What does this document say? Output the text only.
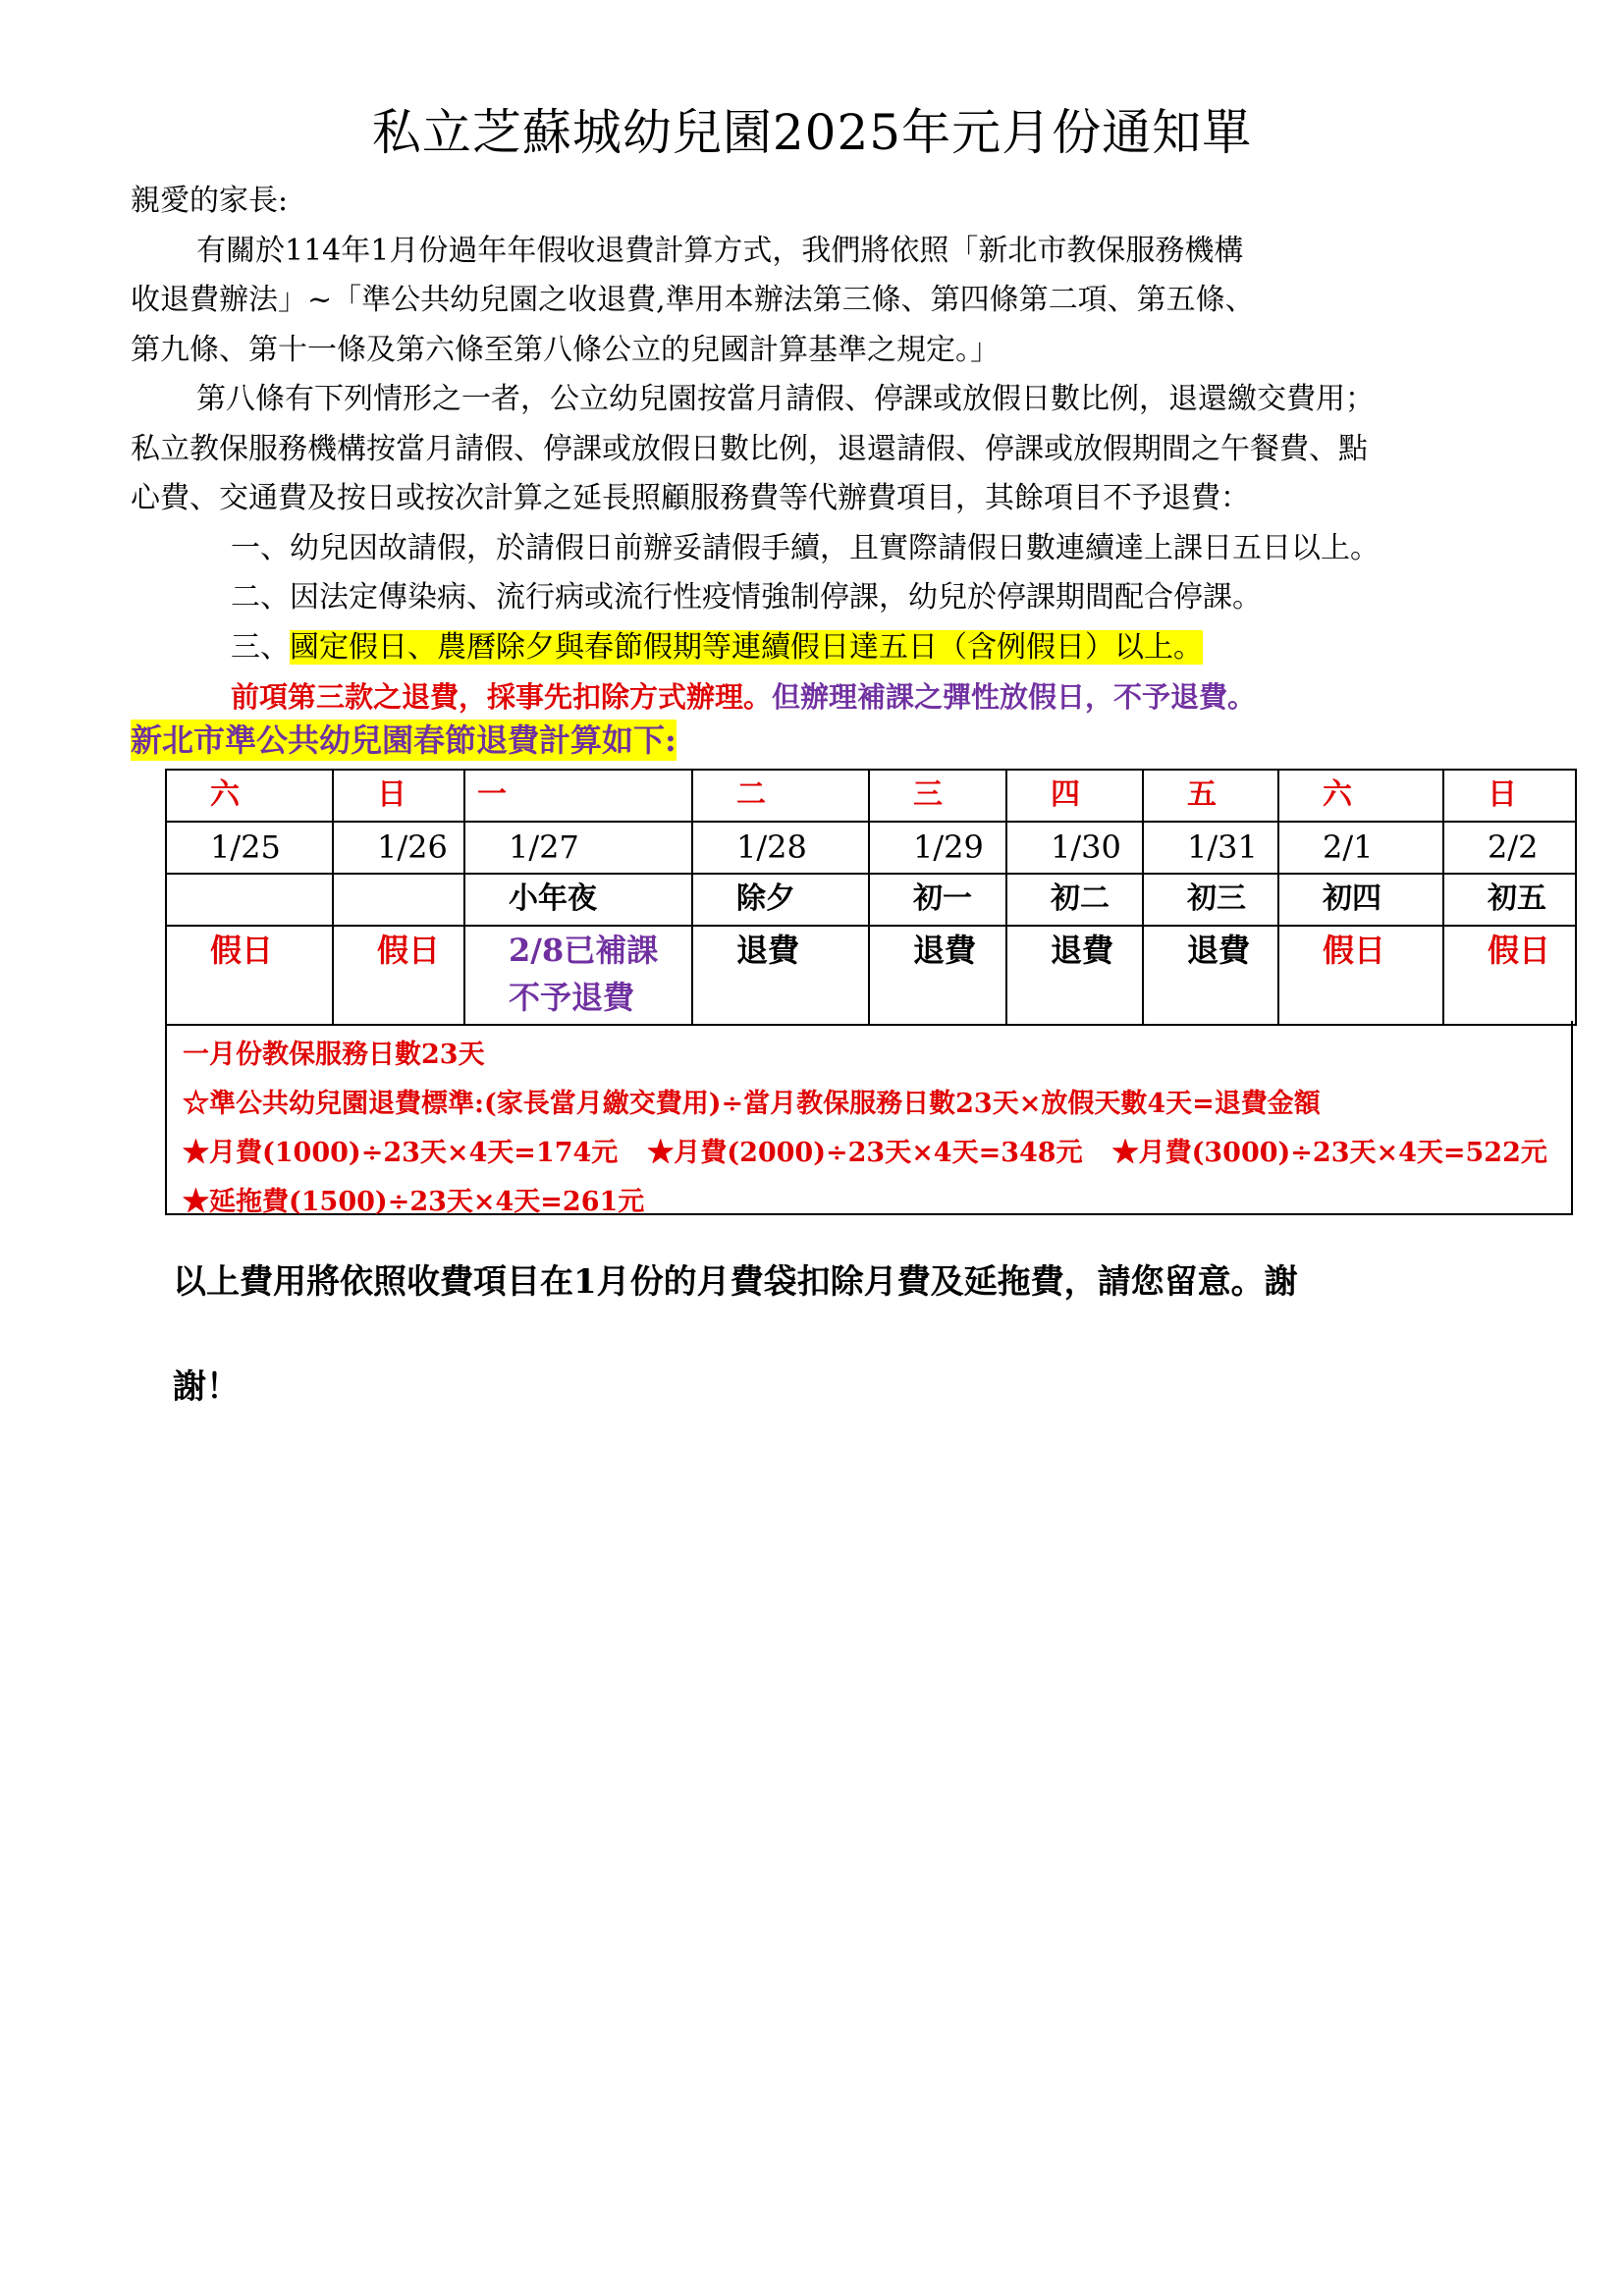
私立芝蘇城幼兒園2025年元月份通知單
親愛的家長:
有關於114年1月份過年年假收退費計算方式，我們將依照「新北市教保服務機構
收退費辦法」~「準公共幼兒園之收退費,準用本辦法第三條、第四條第二項、第五條、
第九條、第十一條及第六條至第八條公立的兒國計算基準之規定。」
第八條有下列情形之一者，公立幼兒園按當月請假、停課或放假日數比例，退還繳交費用；
私立教保服務機構按當月請假、停課或放假日數比例，退還請假、停課或放假期間之午餐費、點
心費、交通費及按日或按次計算之延長照顧服務費等代辦費項目，其餘項目不予退費：
一、幼兒因故請假，於請假日前辦妥請假手續，且實際請假日數連續達上課日五日以上。
二、因法定傳染病、流行病或流行性疫情強制停課，幼兒於停課期間配合停課。
三、國定假日、農曆除夕與春節假期等連續假日達五日（含例假日）以上。
前項第三款之退費，採事先扣除方式辦理。但辦理補課之彈性放假日，不予退費。
新北市準公共幼兒園春節退費計算如下:
六	日	一	二	三	四	五	六	日
1/25	1/26	1/27	1/28	1/29	1/30	1/31	2/1	2/2
		小年夜	除夕	初一	初二	初三	初四	初五
假日	假日	2/8已補課
不予退費	退費	退費	退費	退費	假日	假日
一月份教保服務日數23天
☆準公共幼兒園退費標準:(家長當月繳交費用)÷當月教保服務日數23天×放假天數4天=退費金額
★月費(1000)÷23天×4天=174元 ★月費(2000)÷23天×4天=348元 ★月費(3000)÷23天×4天=522元
★延拖費(1500)÷23天×4天=261元
以上費用將依照收費項目在1月份的月費袋扣除月費及延拖費，請您留意。謝
謝！
